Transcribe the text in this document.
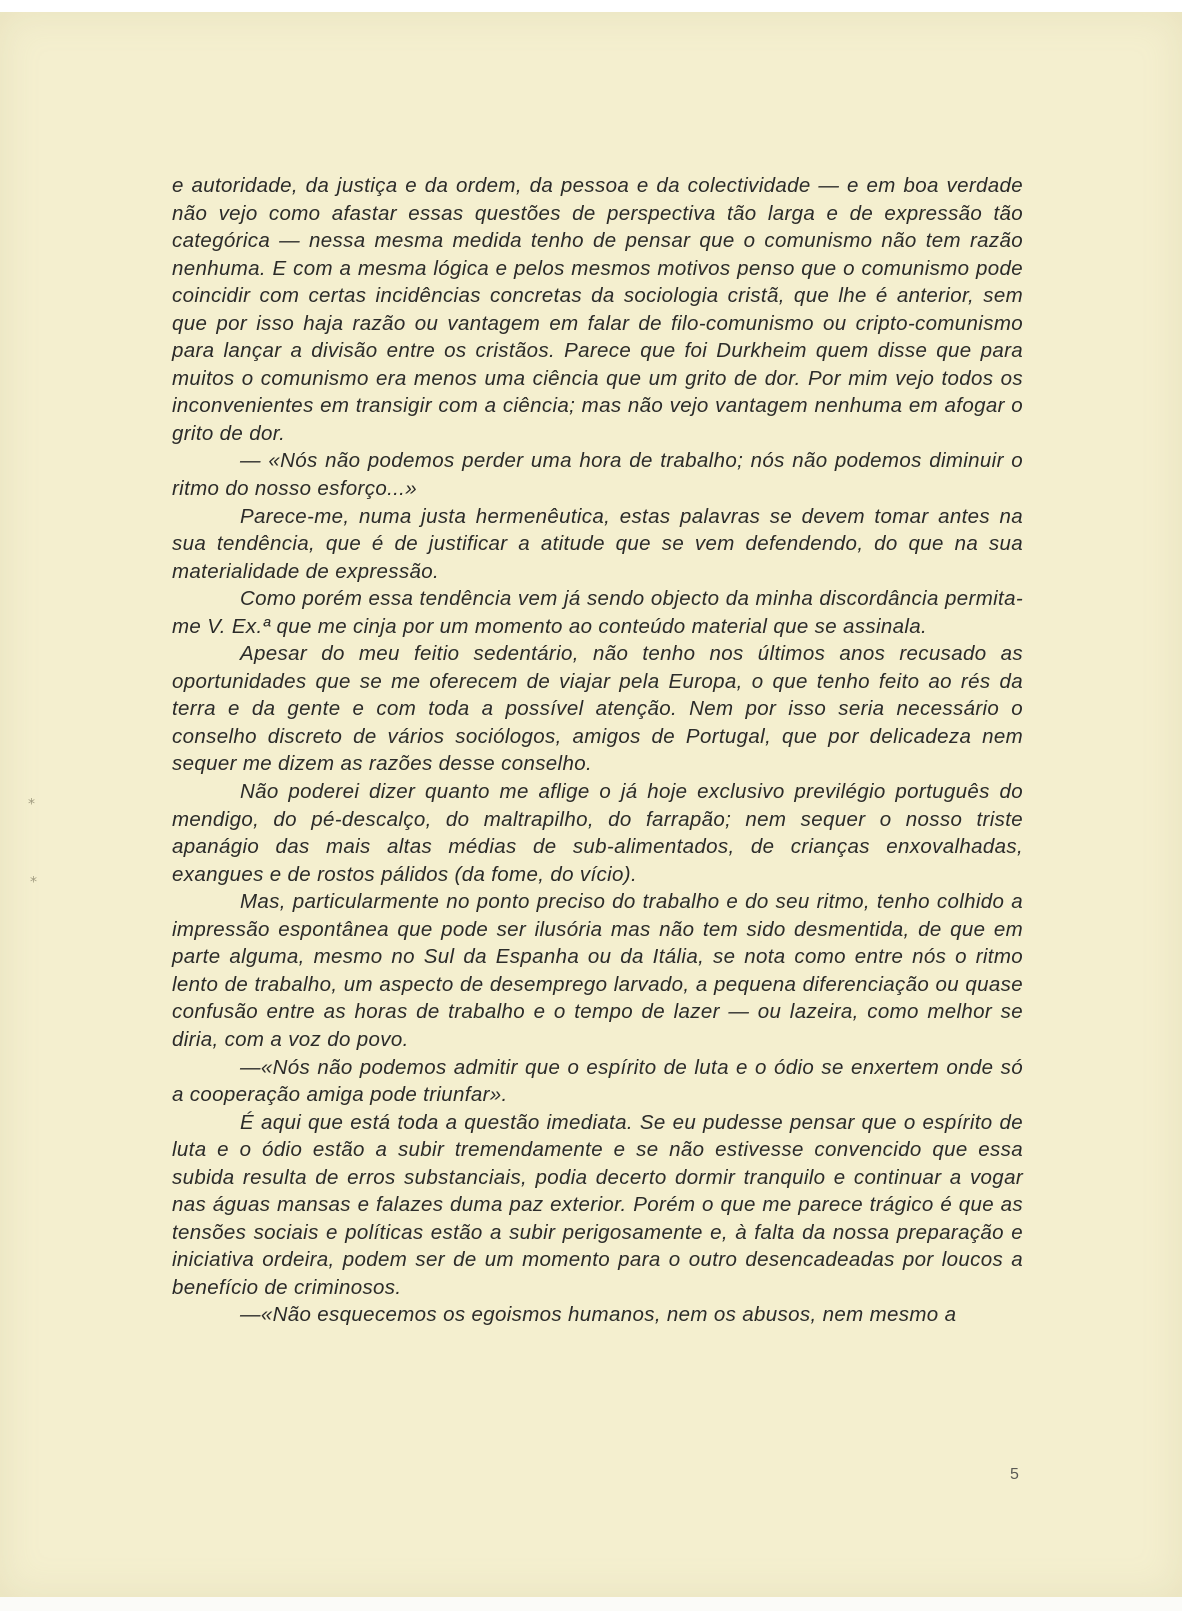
e autoridade, da justiça e da ordem, da pessoa e da colectividade — e em boa verdade não vejo como afastar essas questões de perspectiva tão larga e de expressão tão categórica — nessa mesma medida tenho de pensar que o comunismo não tem razão nenhuma. E com a mesma lógica e pelos mesmos motivos penso que o comunismo pode coincidir com certas incidências concretas da sociologia cristã, que lhe é anterior, sem que por isso haja razão ou vantagem em falar de filo-comunismo ou cripto-comunismo para lançar a divisão entre os cristãos. Parece que foi Durkheim quem disse que para muitos o comunismo era menos uma ciência que um grito de dor. Por mim vejo todos os inconvenientes em transigir com a ciência; mas não vejo vantagem nenhuma em afogar o grito de dor.

— «Nós não podemos perder uma hora de trabalho; nós não podemos diminuir o ritmo do nosso esforço...»

Parece-me, numa justa hermenêutica, estas palavras se devem tomar antes na sua tendência, que é de justificar a atitude que se vem defendendo, do que na sua materialidade de expressão.

Como porém essa tendência vem já sendo objecto da minha discordância permita-me V. Ex.ª que me cinja por um momento ao conteúdo material que se assinala.

Apesar do meu feitio sedentário, não tenho nos últimos anos recusado as oportunidades que se me oferecem de viajar pela Europa, o que tenho feito ao rés da terra e da gente e com toda a possível atenção. Nem por isso seria necessário o conselho discreto de vários sociólogos, amigos de Portugal, que por delicadeza nem sequer me dizem as razões desse conselho.

Não poderei dizer quanto me aflige o já hoje exclusivo previlégio português do mendigo, do pé-descalço, do maltrapilho, do farrapão; nem sequer o nosso triste apanágio das mais altas médias de sub-alimentados, de crianças enxovalhadas, exangues e de rostos pálidos (da fome, do vício).

Mas, particularmente no ponto preciso do trabalho e do seu ritmo, tenho colhido a impressão espontânea que pode ser ilusória mas não tem sido desmentida, de que em parte alguma, mesmo no Sul da Espanha ou da Itália, se nota como entre nós o ritmo lento de trabalho, um aspecto de desemprego larvado, a pequena diferenciação ou quase confusão entre as horas de trabalho e o tempo de lazer — ou lazeira, como melhor se diria, com a voz do povo.

—«Nós não podemos admitir que o espírito de luta e o ódio se enxertem onde só a cooperação amiga pode triunfar».

É aqui que está toda a questão imediata. Se eu pudesse pensar que o espírito de luta e o ódio estão a subir tremendamente e se não estivesse convencido que essa subida resulta de erros substanciais, podia decerto dormir tranquilo e continuar a vogar nas águas mansas e falazes duma paz exterior. Porém o que me parece trágico é que as tensões sociais e políticas estão a subir perigosamente e, à falta da nossa preparação e iniciativa ordeira, podem ser de um momento para o outro desencadeadas por loucos a benefício de criminosos.

—«Não esquecemos os egoismos humanos, nem os abusos, nem mesmo a

5
⁎
⁎
